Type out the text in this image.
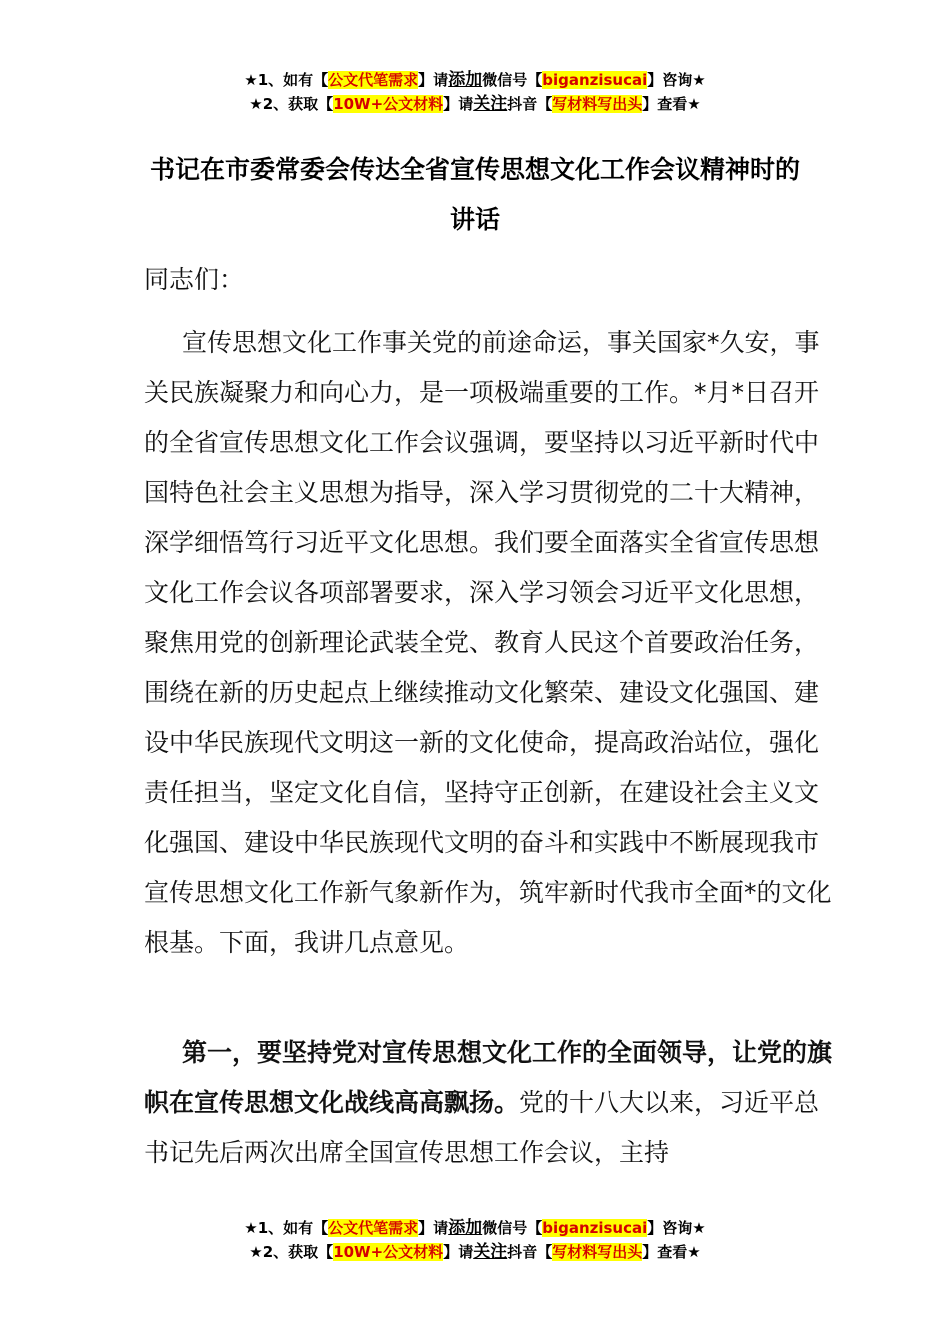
★1、如有【公文代笔需求】请添加微信号【biganzisucai】咨询★
★2、获取【10W+公文材料】请关注抖音【写材料写出头】查看★
书记在市委常委会传达全省宣传思想文化工作会议精神时的讲话
同志们：
宣传思想文化工作事关党的前途命运，事关国家*久安，事关民族凝聚力和向心力，是一项极端重要的工作。*月*日召开的全省宣传思想文化工作会议强调，要坚持以习近平新时代中国特色社会主义思想为指导，深入学习贯彻党的二十大精神，深学细悟笃行习近平文化思想。我们要全面落实全省宣传思想文化工作会议各项部署要求，深入学习领会习近平文化思想，聚焦用党的创新理论武装全党、教育人民这个首要政治任务，围绕在新的历史起点上继续推动文化繁荣、建设文化强国、建设中华民族现代文明这一新的文化使命，提高政治站位，强化责任担当，坚定文化自信，坚持守正创新，在建设社会主义文化强国、建设中华民族现代文明的奋斗和实践中不断展现我市宣传思想文化工作新气象新作为，筑牢新时代我市全面*的文化根基。下面，我讲几点意见。
第一，要坚持党对宣传思想文化工作的全面领导，让党的旗帜在宣传思想文化战线高高飘扬。党的十八大以来，习近平总书记先后两次出席全国宣传思想工作会议，主持
★1、如有【公文代笔需求】请添加微信号【biganzisucai】咨询★
★2、获取【10W+公文材料】请关注抖音【写材料写出头】查看★
